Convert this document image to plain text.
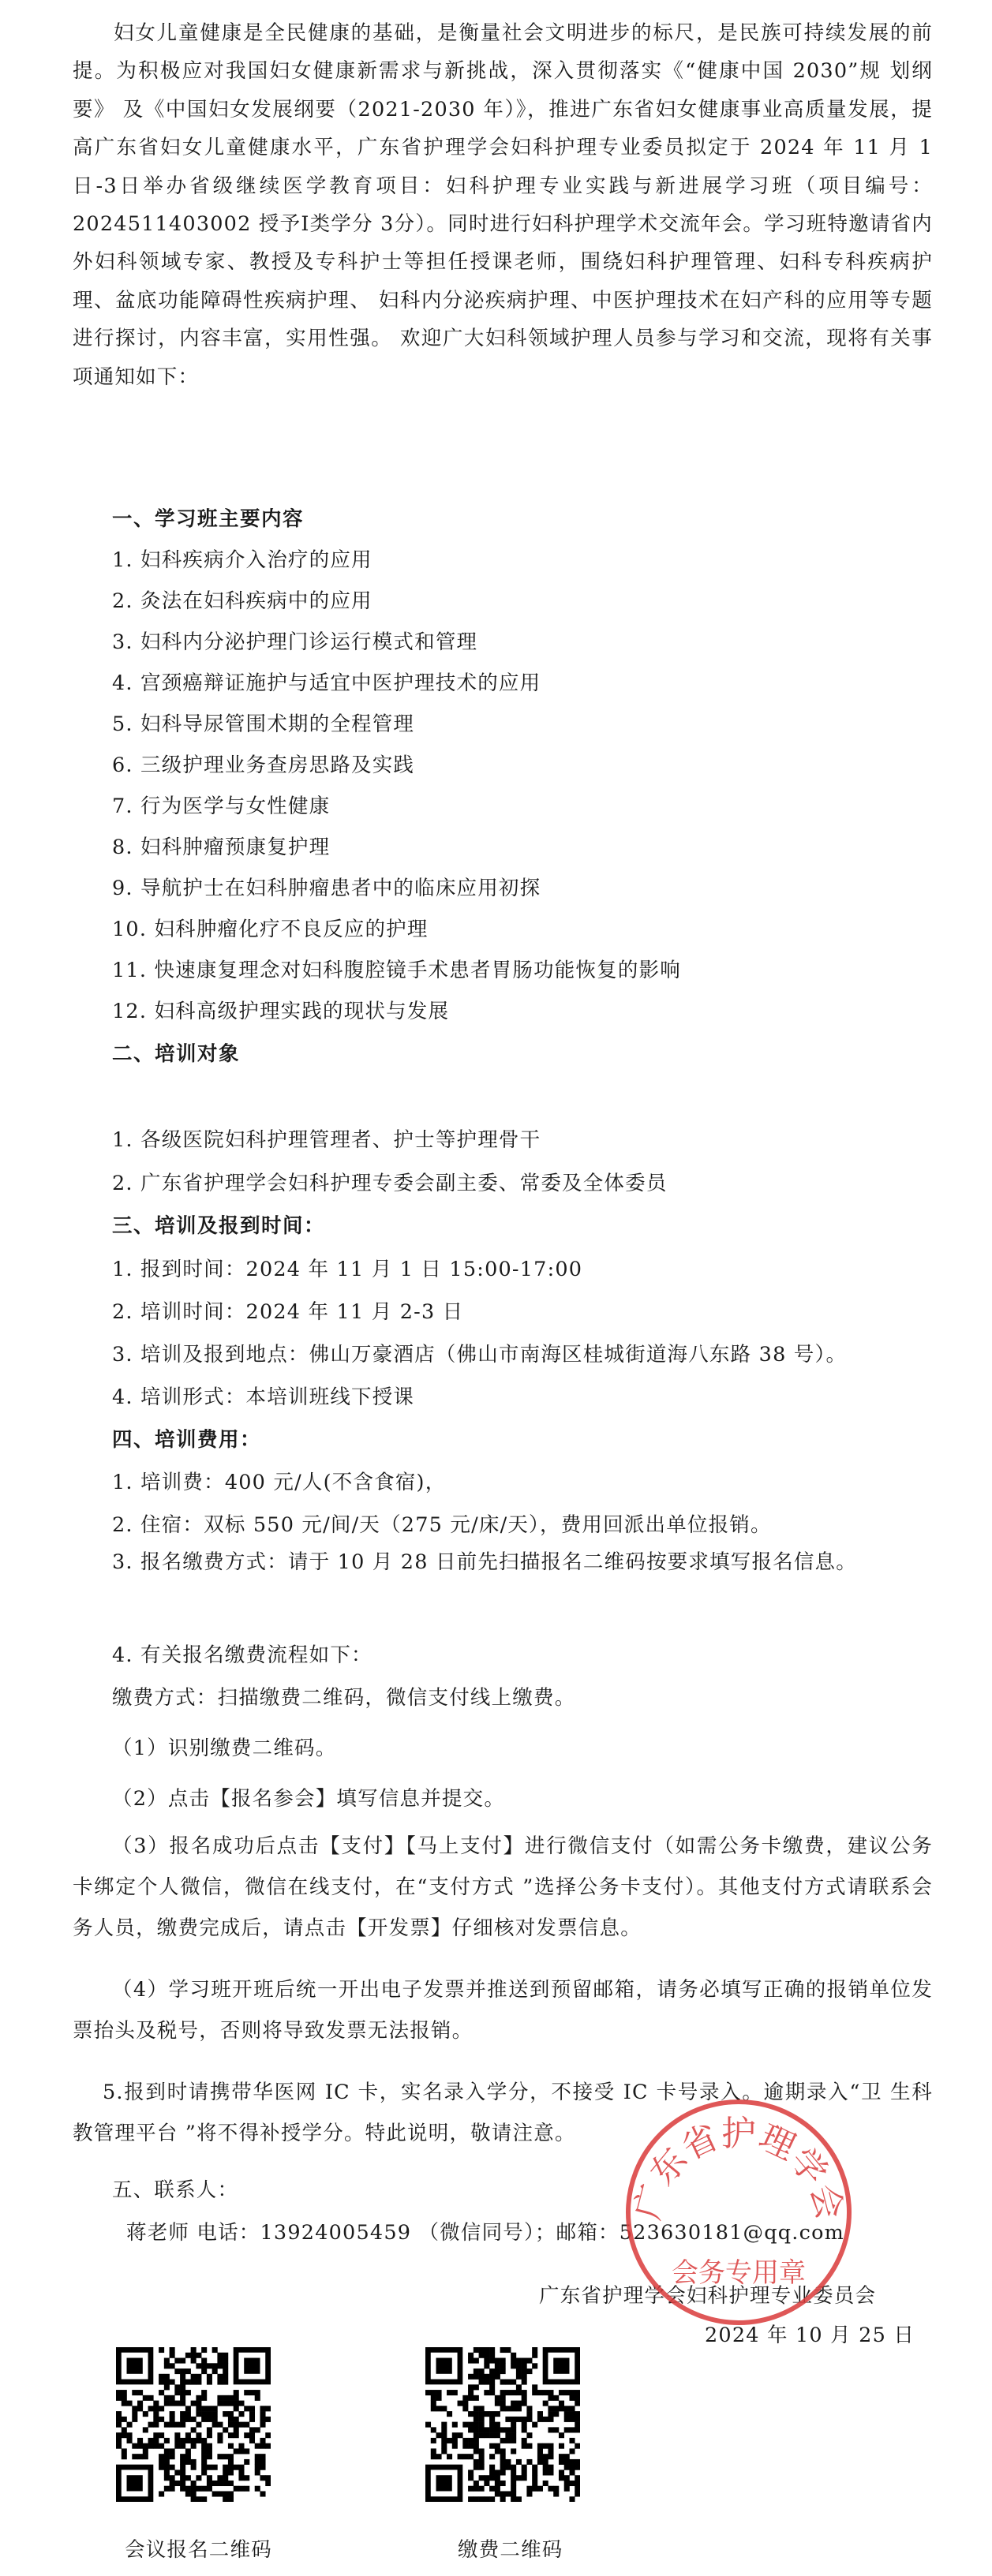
妇女儿童健康是全民健康的基础，是衡量社会文明进步的标尺，是民族可持续发展的前提。为积极应对我国妇女健康新需求与新挑战，深入贯彻落实《“健康中国 2030”规 划纲要》 及《中国妇女发展纲要（2021-2030 年）》，推进广东省妇女健康事业高质量发展，提高广东省妇女儿童健康水平，广东省护理学会妇科护理专业委员拟定于 2024 年 11 月 1日-3日举办省级继续医学教育项目：妇科护理专业实践与新进展学习班（项目编号：2024511403002 授予Ⅰ类学分 3分）。同时进行妇科护理学术交流年会。学习班特邀请省内外妇科领域专家、教授及专科护士等担任授课老师，围绕妇科护理管理、妇科专科疾病护理、盆底功能障碍性疾病护理、 妇科内分泌疾病护理、中医护理技术在妇产科的应用等专题进行探讨，内容丰富，实用性强。 欢迎广大妇科领域护理人员参与学习和交流，现将有关事项通知如下：

一、学习班主要内容
1. 妇科疾病介入治疗的应用
2. 灸法在妇科疾病中的应用
3. 妇科内分泌护理门诊运行模式和管理
4. 宫颈癌辩证施护与适宜中医护理技术的应用
5. 妇科导尿管围术期的全程管理
6. 三级护理业务查房思路及实践
7. 行为医学与女性健康
8. 妇科肿瘤预康复护理
9. 导航护士在妇科肿瘤患者中的临床应用初探
10. 妇科肿瘤化疗不良反应的护理
11. 快速康复理念对妇科腹腔镜手术患者胃肠功能恢复的影响
12. 妇科高级护理实践的现状与发展
二、培训对象
1. 各级医院妇科护理管理者、护士等护理骨干
2. 广东省护理学会妇科护理专委会副主委、常委及全体委员
三、培训及报到时间：
1. 报到时间：2024 年 11 月 1 日 15:00-17:00
2. 培训时间：2024 年 11 月 2-3 日
3. 培训及报到地点：佛山万豪酒店（佛山市南海区桂城街道海八东路 38 号）。
4. 培训形式：本培训班线下授课
四、培训费用：
1. 培训费：400 元/人(不含食宿)，
2. 住宿：双标 550 元/间/天（275 元/床/天），费用回派出单位报销。

3. 报名缴费方式：请于 10 月 28 日前先扫描报名二维码按要求填写报名信息。

4. 有关报名缴费流程如下：
缴费方式：扫描缴费二维码，微信支付线上缴费。
（1）识别缴费二维码。
（2）点击【报名参会】填写信息并提交。

（3）报名成功后点击【支付】【马上支付】进行微信支付（如需公务卡缴费，建议公务卡绑定个人微信，微信在线支付，在“支付方式 ”选择公务卡支付）。其他支付方式请联系会务人员，缴费完成后，请点击【开发票】仔细核对发票信息。

（4）学习班开班后统一开出电子发票并推送到预留邮箱，请务必填写正确的报销单位发票抬头及税号，否则将导致发票无法报销。

5.报到时请携带华医网 IC 卡，实名录入学分，不接受 IC 卡号录入。逾期录入“卫 生科教管理平台 ”将不得补授学分。特此说明，敬请注意。

五、联系人：
蒋老师 电话：13924005459 （微信同号）；邮箱：523630181@qq.com
广东省护理学会妇科护理专业委员会
2024 年 10 月 25 日
广东省护理学会
会务专用章
会议报名二维码	缴费二维码
